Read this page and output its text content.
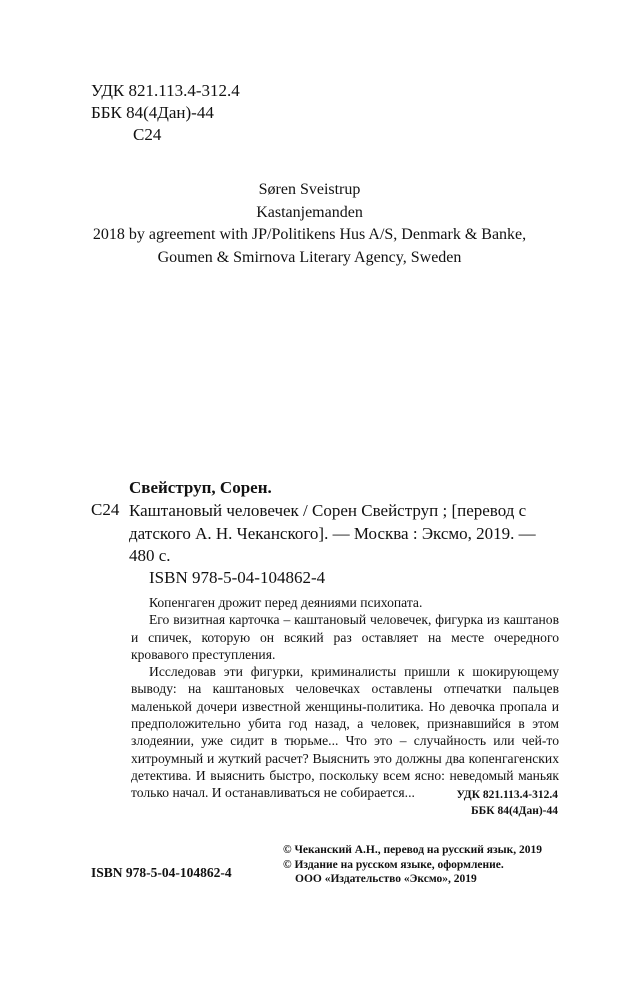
УДК 821.113.4-312.4
ББК 84(4Дан)-44
С24
Søren Sveistrup
Kastanjemanden
2018 by agreement with JP/Politikens Hus A/S, Denmark & Banke,
Goumen & Smirnova Literary Agency, Sweden
Свейструп, Сорен.
С24 Каштановый человечек / Сорен Свейструп ; [перевод с датского А. Н. Чеканского]. — Москва : Эксмо, 2019. — 480 с.
ISBN 978-5-04-104862-4

Копенгаген дрожит перед деяниями психопата.

Его визитная карточка – каштановый человечек, фигурка из каштанов и спичек, которую он всякий раз оставляет на месте очередного кровавого преступления.

Исследовав эти фигурки, криминалисты пришли к шокирующему выводу: на каштановых человечках оставлены отпечатки пальцев маленькой дочери известной женщины-политика. Но девочка пропала и предположительно убита год назад, а человек, признавшийся в этом злодеянии, уже сидит в тюрьме... Что это – случайность или чей-то хитроумный и жуткий расчет? Выяснить это должны два копенгагенских детектива. И выяснить быстро, поскольку всем ясно: неведомый маньяк только начал. И останавливаться не собирается...	УДК 821.113.4-312.4
ББК 84(4Дан)-44
© Чеканский А.Н., перевод на русский язык, 2019
© Издание на русском языке, оформление.
ООО «Издательство «Эксмо», 2019
ISBN 978-5-04-104862-4
